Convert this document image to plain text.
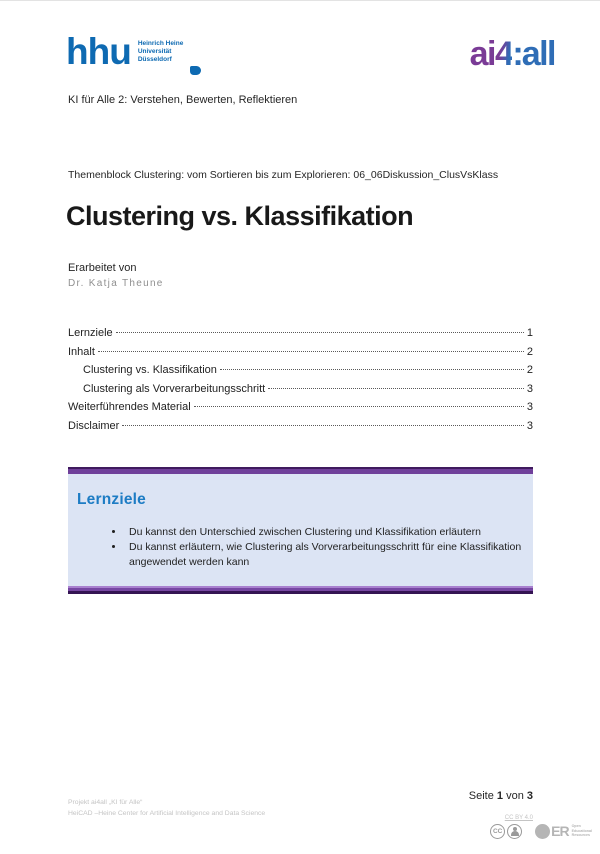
hhu Heinrich Heine
Universität
Düsseldorf	ai4:all
KI für Alle 2: Verstehen, Bewerten, Reflektieren
Themenblock Clustering: vom Sortieren bis zum Explorieren: 06_06Diskussion_ClusVsKlass
Clustering vs. Klassifikation
Erarbeitet von
Dr. Katja Theune
Lernziele	1
Inhalt	2
Clustering vs. Klassifikation	2
Clustering als Vorverarbeitungsschritt	3
Weiterführendes Material	3
Disclaimer	3
Lernziele
• Du kannst den Unterschied zwischen Clustering und Klassifikation erläutern
• Du kannst erläutern, wie Clustering als Vorverarbeitungsschritt für eine Klassifikation angewendet werden kann
Projekt ai4all „KI für Alle“
HeiCAD –Heine Center for Artificial Intelligence and Data Science
Seite 1 von 3
CC BY 4.0
CC	ER Open
Educational
Resources
